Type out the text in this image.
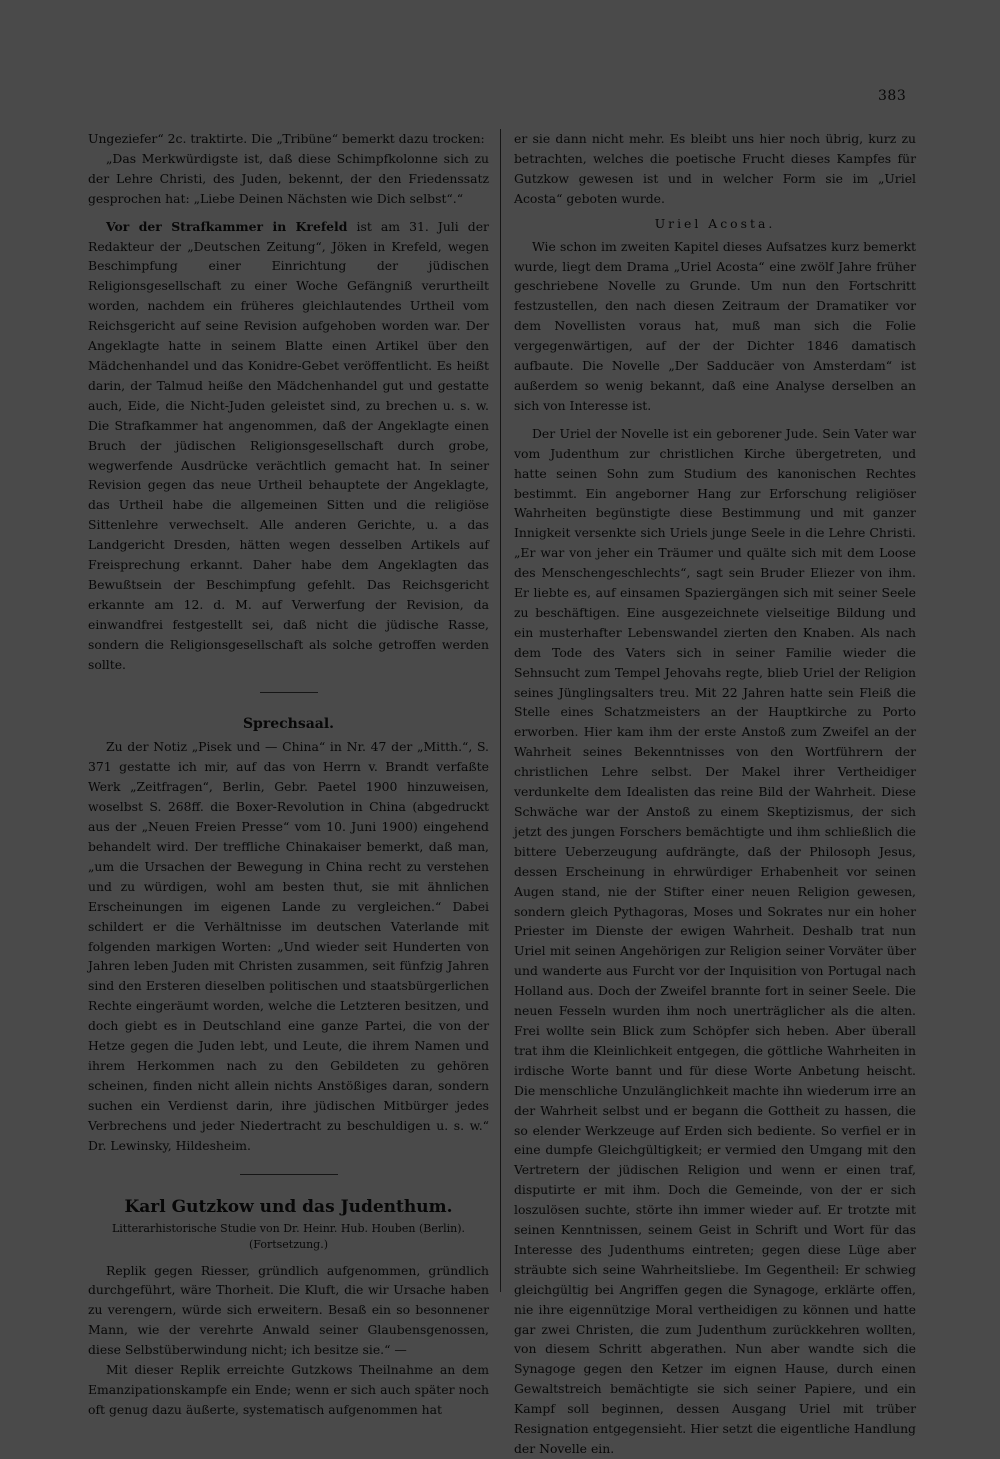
383

Ungeziefer“ 2c. traktirte. Die „Tribüne“ bemerkt dazu trocken:

„Das Merkwürdigste ist, daß diese Schimpfkolonne sich zu der Lehre Christi, des Juden, bekennt, der den Friedenssatz gesprochen hat: „Liebe Deinen Nächsten wie Dich selbst“.“

Vor der Strafkammer in Krefeld ist am 31. Juli der Redakteur der „Deutschen Zeitung“, Jöken in Krefeld, wegen Beschimpfung einer Einrichtung der jüdischen Religionsgesellschaft zu einer Woche Gefängniß verurtheilt worden, nachdem ein früheres gleichlautendes Urtheil vom Reichsgericht auf seine Revision aufgehoben worden war. Der Angeklagte hatte in seinem Blatte einen Artikel über den Mädchenhandel und das Konidre-Gebet veröffentlicht. Es heißt darin, der Talmud heiße den Mädchenhandel gut und gestatte auch, Eide, die Nicht-Juden geleistet sind, zu brechen u. s. w. Die Strafkammer hat angenommen, daß der Angeklagte einen Bruch der jüdischen Religionsgesellschaft durch grobe, wegwerfende Ausdrücke verächtlich gemacht hat. In seiner Revision gegen das neue Urtheil behauptete der Angeklagte, das Urtheil habe die allgemeinen Sitten und die religiöse Sittenlehre verwechselt. Alle anderen Gerichte, u. a das Landgericht Dresden, hätten wegen desselben Artikels auf Freisprechung erkannt. Daher habe dem Angeklagten das Bewußtsein der Beschimpfung gefehlt. Das Reichsgericht erkannte am 12. d. M. auf Verwerfung der Revision, da einwandfrei festgestellt sei, daß nicht die jüdische Rasse, sondern die Religionsgesellschaft als solche getroffen werden sollte.

Sprechsaal.

Zu der Notiz „Pisek und — China“ in Nr. 47 der „Mitth.“, S. 371 gestatte ich mir, auf das von Herrn v. Brandt verfaßte Werk „Zeitfragen“, Berlin, Gebr. Paetel 1900 hinzuweisen, woselbst S. 268ff. die Boxer-Revolution in China (abgedruckt aus der „Neuen Freien Presse“ vom 10. Juni 1900) eingehend behandelt wird. Der treffliche Chinakaiser bemerkt, daß man, „um die Ursachen der Bewegung in China recht zu verstehen und zu würdigen, wohl am besten thut, sie mit ähnlichen Erscheinungen im eigenen Lande zu vergleichen.“ Dabei schildert er die Verhältnisse im deutschen Vaterlande mit folgenden markigen Worten: „Und wieder seit Hunderten von Jahren leben Juden mit Christen zusammen, seit fünfzig Jahren sind den Ersteren dieselben politischen und staatsbürgerlichen Rechte eingeräumt worden, welche die Letzteren besitzen, und doch giebt es in Deutschland eine ganze Partei, die von der Hetze gegen die Juden lebt, und Leute, die ihrem Namen und ihrem Herkommen nach zu den Gebildeten zu gehören scheinen, finden nicht allein nichts Anstößiges daran, sondern suchen ein Verdienst darin, ihre jüdischen Mitbürger jedes Verbrechens und jeder Niedertracht zu beschuldigen u. s. w.“ Dr. Lewinsky, Hildesheim.

Karl Gutzkow und das Judenthum.
Litterarhistorische Studie von Dr. Heinr. Hub. Houben (Berlin).
(Fortsetzung.)

Replik gegen Riesser, gründlich aufgenommen, gründlich durchgeführt, wäre Thorheit. Die Kluft, die wir Ursache haben zu verengern, würde sich erweitern. Besaß ein so besonnener Mann, wie der verehrte Anwald seiner Glaubensgenossen, diese Selbstüberwindung nicht; ich besitze sie.“ —

Mit dieser Replik erreichte Gutzkows Theilnahme an dem Emanzipationskampfe ein Ende; wenn er sich auch später noch oft genug dazu äußerte, systematisch aufgenommen hat

er sie dann nicht mehr. Es bleibt uns hier noch übrig, kurz zu betrachten, welches die poetische Frucht dieses Kampfes für Gutzkow gewesen ist und in welcher Form sie im „Uriel Acosta“ geboten wurde.

Uriel Acosta.

Wie schon im zweiten Kapitel dieses Aufsatzes kurz bemerkt wurde, liegt dem Drama „Uriel Acosta“ eine zwölf Jahre früher geschriebene Novelle zu Grunde. Um nun den Fortschritt festzustellen, den nach diesen Zeitraum der Dramatiker vor dem Novellisten voraus hat, muß man sich die Folie vergegenwärtigen, auf der der Dichter 1846 damatisch aufbaute. Die Novelle „Der Sadducäer von Amsterdam“ ist außerdem so wenig bekannt, daß eine Analyse derselben an sich von Interesse ist.

Der Uriel der Novelle ist ein geborener Jude. Sein Vater war vom Judenthum zur christlichen Kirche übergetreten, und hatte seinen Sohn zum Studium des kanonischen Rechtes bestimmt. Ein angeborner Hang zur Erforschung religiöser Wahrheiten begünstigte diese Bestimmung und mit ganzer Innigkeit versenkte sich Uriels junge Seele in die Lehre Christi. „Er war von jeher ein Träumer und quälte sich mit dem Loose des Menschengeschlechts“, sagt sein Bruder Eliezer von ihm. Er liebte es, auf einsamen Spaziergängen sich mit seiner Seele zu beschäftigen. Eine ausgezeichnete vielseitige Bildung und ein musterhafter Lebenswandel zierten den Knaben. Als nach dem Tode des Vaters sich in seiner Familie wieder die Sehnsucht zum Tempel Jehovahs regte, blieb Uriel der Religion seines Jünglingsalters treu. Mit 22 Jahren hatte sein Fleiß die Stelle eines Schatzmeisters an der Hauptkirche zu Porto erworben. Hier kam ihm der erste Anstoß zum Zweifel an der Wahrheit seines Bekenntnisses von den Wortführern der christlichen Lehre selbst. Der Makel ihrer Vertheidiger verdunkelte dem Idealisten das reine Bild der Wahrheit. Diese Schwäche war der Anstoß zu einem Skeptizismus, der sich jetzt des jungen Forschers bemächtigte und ihm schließlich die bittere Ueberzeugung aufdrängte, daß der Philosoph Jesus, dessen Erscheinung in ehrwürdiger Erhabenheit vor seinen Augen stand, nie der Stifter einer neuen Religion gewesen, sondern gleich Pythagoras, Moses und Sokrates nur ein hoher Priester im Dienste der ewigen Wahrheit. Deshalb trat nun Uriel mit seinen Angehörigen zur Religion seiner Vorväter über und wanderte aus Furcht vor der Inquisition von Portugal nach Holland aus. Doch der Zweifel brannte fort in seiner Seele. Die neuen Fesseln wurden ihm noch unerträglicher als die alten. Frei wollte sein Blick zum Schöpfer sich heben. Aber überall trat ihm die Kleinlichkeit entgegen, die göttliche Wahrheiten in irdische Worte bannt und für diese Worte Anbetung heischt. Die menschliche Unzulänglichkeit machte ihn wiederum irre an der Wahrheit selbst und er begann die Gottheit zu hassen, die so elender Werkzeuge auf Erden sich bediente. So verfiel er in eine dumpfe Gleichgültigkeit; er vermied den Umgang mit den Vertretern der jüdischen Religion und wenn er einen traf, disputirte er mit ihm. Doch die Gemeinde, von der er sich loszulösen suchte, störte ihn immer wieder auf. Er trotzte mit seinen Kenntnissen, seinem Geist in Schrift und Wort für das Interesse des Judenthums eintreten; gegen diese Lüge aber sträubte sich seine Wahrheitsliebe. Im Gegentheil: Er schwieg gleichgültig bei Angriffen gegen die Synagoge, erklärte offen, nie ihre eigennützige Moral vertheidigen zu können und hatte gar zwei Christen, die zum Judenthum zurückkehren wollten, von diesem Schritt abgerathen. Nun aber wandte sich die Synagoge gegen den Ketzer im eignen Hause, durch einen Gewaltstreich bemächtigte sie sich seiner Papiere, und ein Kampf soll beginnen, dessen Ausgang Uriel mit trüber Resignation entgegensieht. Hier setzt die eigentliche Handlung der Novelle ein.
